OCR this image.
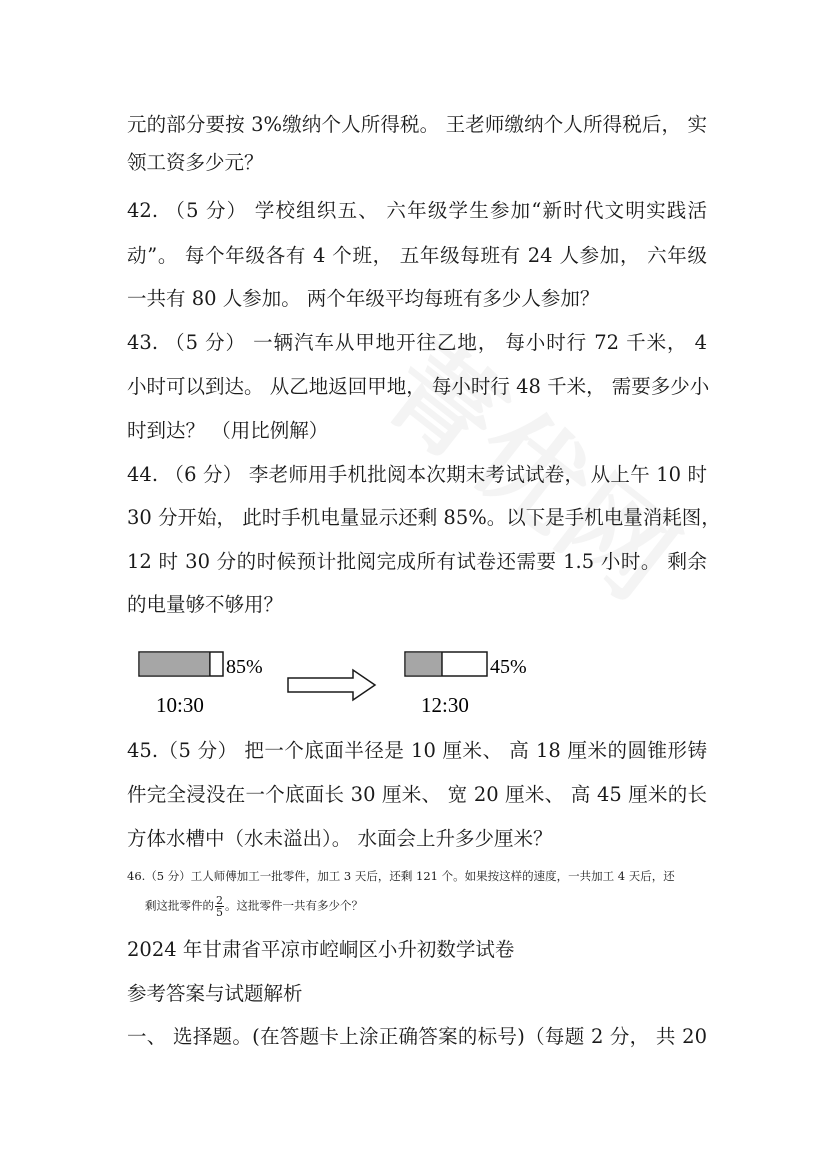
元的部分要按 3%缴纳个人所得税。 王老师缴纳个人所得税后， 实
领工资多少元？
42. （5 分） 学校组织五、 六年级学生参加“新时代文明实践活
动”。 每个年级各有 4 个班， 五年级每班有 24 人参加， 六年级
一共有 80 人参加。 两个年级平均每班有多少人参加？
43. （5 分） 一辆汽车从甲地开往乙地， 每小时行 72 千米， 4
小时可以到达。 从乙地返回甲地， 每小时行 48 千米， 需要多少小
时到达？ （用比例解）
44. （6 分） 李老师用手机批阅本次期末考试试卷， 从上午 10 时
30 分开始， 此时手机电量显示还剩 85%。以下是手机电量消耗图，
12 时 30 分的时候预计批阅完成所有试卷还需要 1.5 小时。 剩余
的电量够不够用？
85%
10:30
45%
12:30
45.（5 分） 把一个底面半径是 10 厘米、 高 18 厘米的圆锥形铸
件完全浸没在一个底面长 30 厘米、 宽 20 厘米、 高 45 厘米的长
方体水槽中（水未溢出）。 水面会上升多少厘米？
46.（5 分）工人师傅加工一批零件，加工 3 天后，还剩 121 个。如果按这样的速度，一共加工 4 天后，还
剩这批零件的 $\frac{2}{5}$ 。这批零件一共有多少个？
2024 年甘肃省平凉市崆峒区小升初数学试卷
参考答案与试题解析
一、 选择题。(在答题卡上涂正确答案的标号)（每题 2 分， 共 20
